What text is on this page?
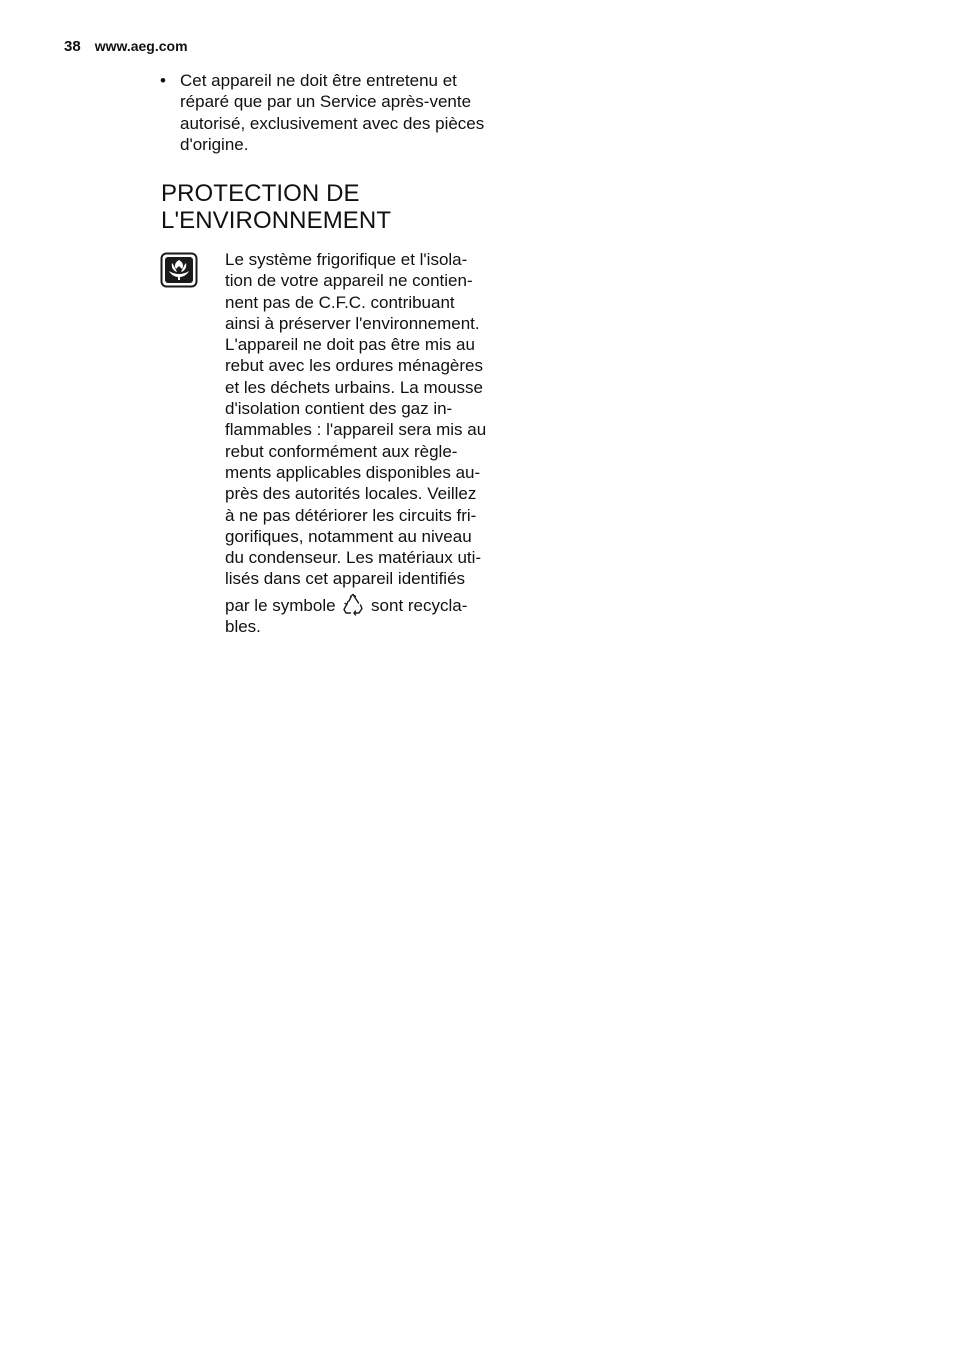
38 www.aeg.com
• Cet appareil ne doit être entretenu et
réparé que par un Service après-vente
autorisé, exclusivement avec des pièces
d'origine.
PROTECTION DE
L'ENVIRONNEMENT
Le système frigorifique et l'isola-
tion de votre appareil ne contien-
nent pas de C.F.C. contribuant
ainsi à préserver l'environnement.
L'appareil ne doit pas être mis au
rebut avec les ordures ménagères
et les déchets urbains. La mousse
d'isolation contient des gaz in-
flammables : l'appareil sera mis au
rebut conformément aux règle-
ments applicables disponibles au-
près des autorités locales. Veillez
à ne pas détériorer les circuits fri-
gorifiques, notamment au niveau
du condenseur. Les matériaux uti-
lisés dans cet appareil identifiés
par le symbole sont recycla-
bles.
